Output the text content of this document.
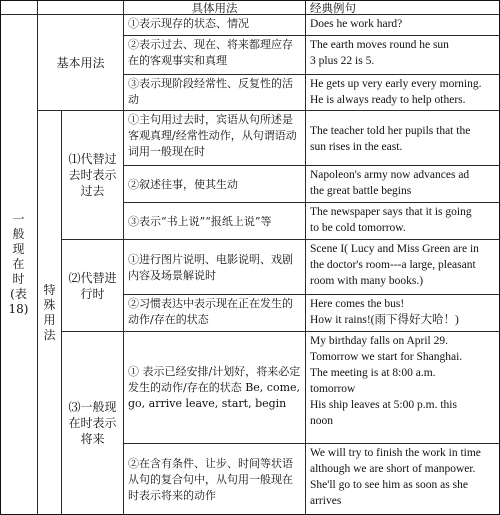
具体用法	经典例句
一般现在时(表18)
基本用法
①表示现存的状态、情况	Does he work hard?
②表示过去、现在、将来都理应存在的客观事实和真理
The earth moves round he sun
3 plus 22 is 5.
③表示现阶段经常性、反复性的活动
He gets up very early every morning.
He is always ready to help others.
特殊用法
⑴代替过去时表示过去
①主句用过去时，宾语从句所述是客观真理/经常性动作，从句谓语动词用一般现在时
The teacher told her pupils that the
sun rises in the east.
②叙述往事，使其生动
Napoleon's army now advances ad
the great battle begins
③表示“书上说”“报纸上说”等
The newspaper says that it is going
to be cold tomorrow.
⑵代替进行时
①进行图片说明、电影说明、戏剧内容及场景解说时
Scene I( Lucy and Miss Green are in
the doctor's room---a large, pleasant
room with many books.)
②习惯表达中表示现在正在发生的动作/存在的状态
Here comes the bus!
How it rains!(雨下得好大哈！)
⑶一般现在时表示将来
① 表示已经安排/计划好，将来必定发生的动作/存在的状态 Be, come, go, arrive leave, start, begin
My birthday falls on April 29.
Tomorrow we start for Shanghai.
The meeting is at 8:00 a.m.
tomorrow
His ship leaves at 5:00 p.m. this
noon
②在含有条件、让步、时间等状语从句的复合句中，从句用一般现在时表示将来的动作
We will try to finish the work in time
although we are short of manpower.
She'll go to see him as soon as she
arrives
